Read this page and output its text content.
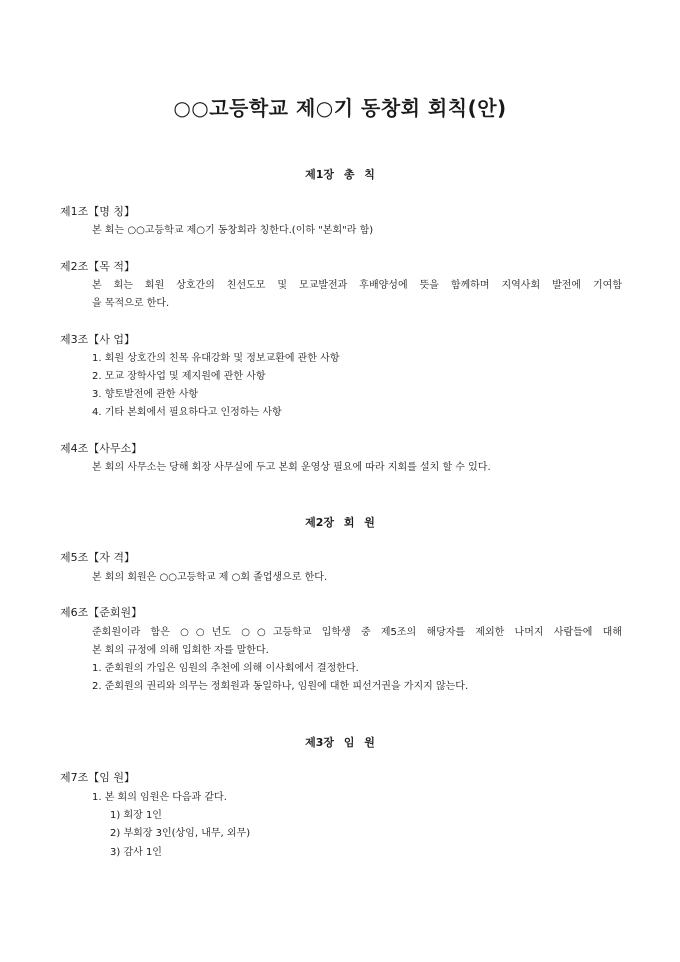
○○고등학교 제○기 동창회 회칙(안)
제1장 총 칙
제1조【명 칭】
본 회는 ○○고등학교 제○기 동창회라 칭한다.(이하 "본회"라 함)
제2조【목 적】
본 회는 회원 상호간의 친선도모 및 모교발전과 후배양성에 뜻을 함께하며 지역사회 발전에 기여함
을 목적으로 한다.
제3조【사 업】
1. 회원 상호간의 친목 유대강화 및 정보교환에 관한 사항
2. 모교 장학사업 및 제지원에 관한 사항
3. 향토발전에 관한 사항
4. 기타 본회에서 필요하다고 인정하는 사항
제4조【사무소】
본 회의 사무소는 당해 회장 사무실에 두고 본회 운영상 필요에 따라 지회를 설치 할 수 있다.
제2장 회 원
제5조【자 격】
본 회의 회원은 ○○고등학교 제 ○회 졸업생으로 한다.
제6조【준회원】
준회원이라 함은 ○○년도 ○○고등학교 입학생 중 제5조의 해당자를 제외한 나머지 사람들에 대해
본 회의 규정에 의해 입회한 자를 말한다.
1. 준회원의 가입은 임원의 추천에 의해 이사회에서 결정한다.
2. 준회원의 권리와 의무는 정회원과 동일하나, 임원에 대한 피선거권을 가지지 않는다.
제3장 임 원
제7조【임 원】
1. 본 회의 임원은 다음과 같다.
1) 회장 1인
2) 부회장 3인(상임, 내무, 외무)
3) 감사 1인
